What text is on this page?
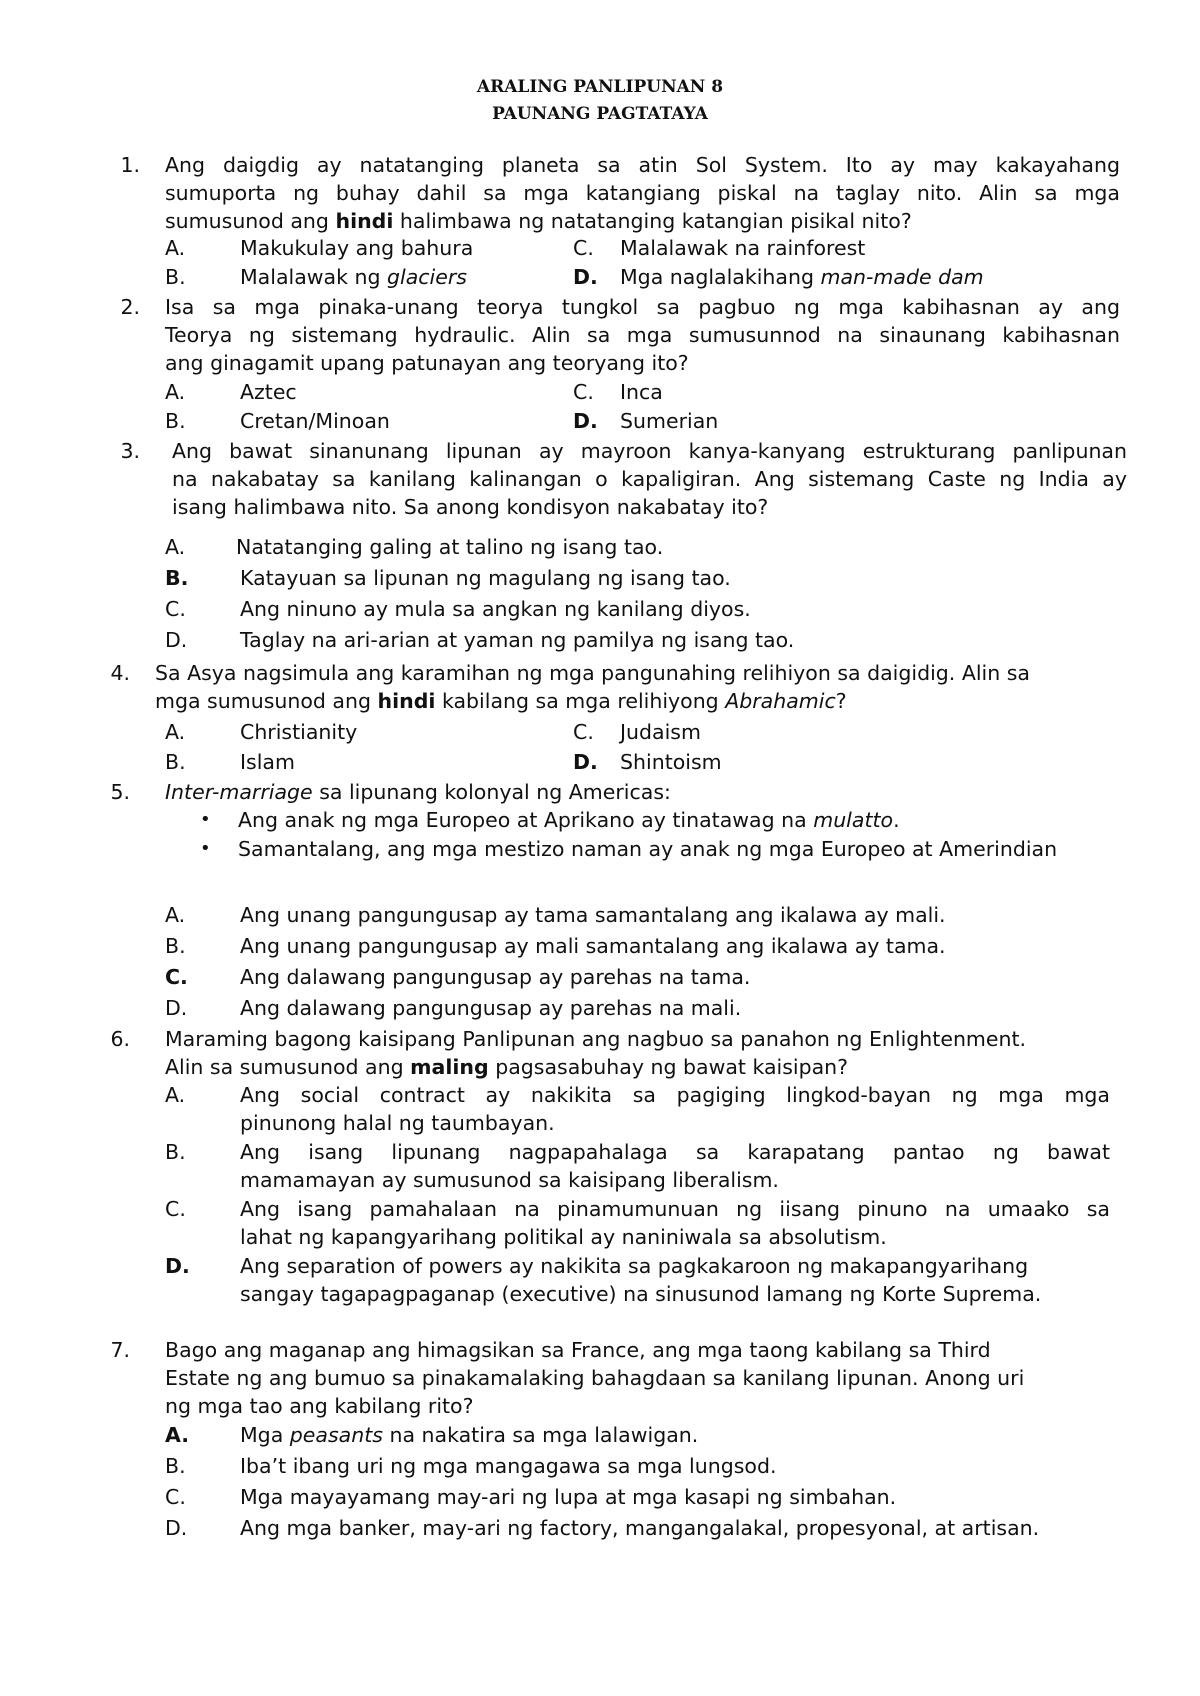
ARALING PANLIPUNAN 8
PAUNANG PAGTATAYA
1. Ang daigdig ay natatanging planeta sa atin Sol System. Ito ay may kakayahang
sumuporta ng buhay dahil sa mga katangiang piskal na taglay nito. Alin sa mga
sumusunod ang hindi halimbawa ng natatanging katangian pisikal nito?
A.	Makukulay ang bahura	C. Malalawak na rainforest
B.	Malalawak ng glaciers	D. Mga naglalakihang man-made dam
2. Isa sa mga pinaka-unang teorya tungkol sa pagbuo ng mga kabihasnan ay ang
Teorya ng sistemang hydraulic. Alin sa mga sumusunnod na sinaunang kabihasnan
ang ginagamit upang patunayan ang teoryang ito?
A.	Aztec	C. Inca
B.	Cretan/Minoan	D. Sumerian
3. Ang bawat sinanunang lipunan ay mayroon kanya-kanyang estrukturang panlipunan
na nakabatay sa kanilang kalinangan o kapaligiran. Ang sistemang Caste ng India ay
isang halimbawa nito. Sa anong kondisyon nakabatay ito?
A. Natatanging galing at talino ng isang tao.
B.	Katayuan sa lipunan ng magulang ng isang tao.
C.	Ang ninuno ay mula sa angkan ng kanilang diyos.
D.	Taglay na ari-arian at yaman ng pamilya ng isang tao.
4. Sa Asya nagsimula ang karamihan ng mga pangunahing relihiyon sa daigidig. Alin sa
mga sumusunod ang hindi kabilang sa mga relihiyong Abrahamic?
A.	Christianity	C. Judaism
B.	Islam	D. Shintoism
5. Inter-marriage sa lipunang kolonyal ng Americas:
• Ang anak ng mga Europeo at Aprikano ay tinatawag na mulatto.
• Samantalang, ang mga mestizo naman ay anak ng mga Europeo at Amerindian
A.	Ang unang pangungusap ay tama samantalang ang ikalawa ay mali.
B.	Ang unang pangungusap ay mali samantalang ang ikalawa ay tama.
C.	Ang dalawang pangungusap ay parehas na tama.
D.	Ang dalawang pangungusap ay parehas na mali.
6. Maraming bagong kaisipang Panlipunan ang nagbuo sa panahon ng Enlightenment.
Alin sa sumusunod ang maling pagsasabuhay ng bawat kaisipan?
A.	Ang social contract ay nakikita sa pagiging lingkod-bayan ng mga mga
pinunong halal ng taumbayan.
B.	Ang isang lipunang nagpapahalaga sa karapatang pantao ng bawat
mamamayan ay sumusunod sa kaisipang liberalism.
C.	Ang isang pamahalaan na pinamumunuan ng iisang pinuno na umaako sa
lahat ng kapangyarihang politikal ay naniniwala sa absolutism.
D. Ang separation of powers ay nakikita sa pagkakaroon ng makapangyarihang
sangay tagapagpaganap (executive) na sinusunod lamang ng Korte Suprema.
7. Bago ang maganap ang himagsikan sa France, ang mga taong kabilang sa Third
Estate ng ang bumuo sa pinakamalaking bahagdaan sa kanilang lipunan. Anong uri
ng mga tao ang kabilang rito?
A. Mga peasants na nakatira sa mga lalawigan.
B.	Iba’t ibang uri ng mga mangagawa sa mga lungsod.
C.	Mga mayayamang may-ari ng lupa at mga kasapi ng simbahan.
D.	Ang mga banker, may-ari ng factory, mangangalakal, propesyonal, at artisan.
